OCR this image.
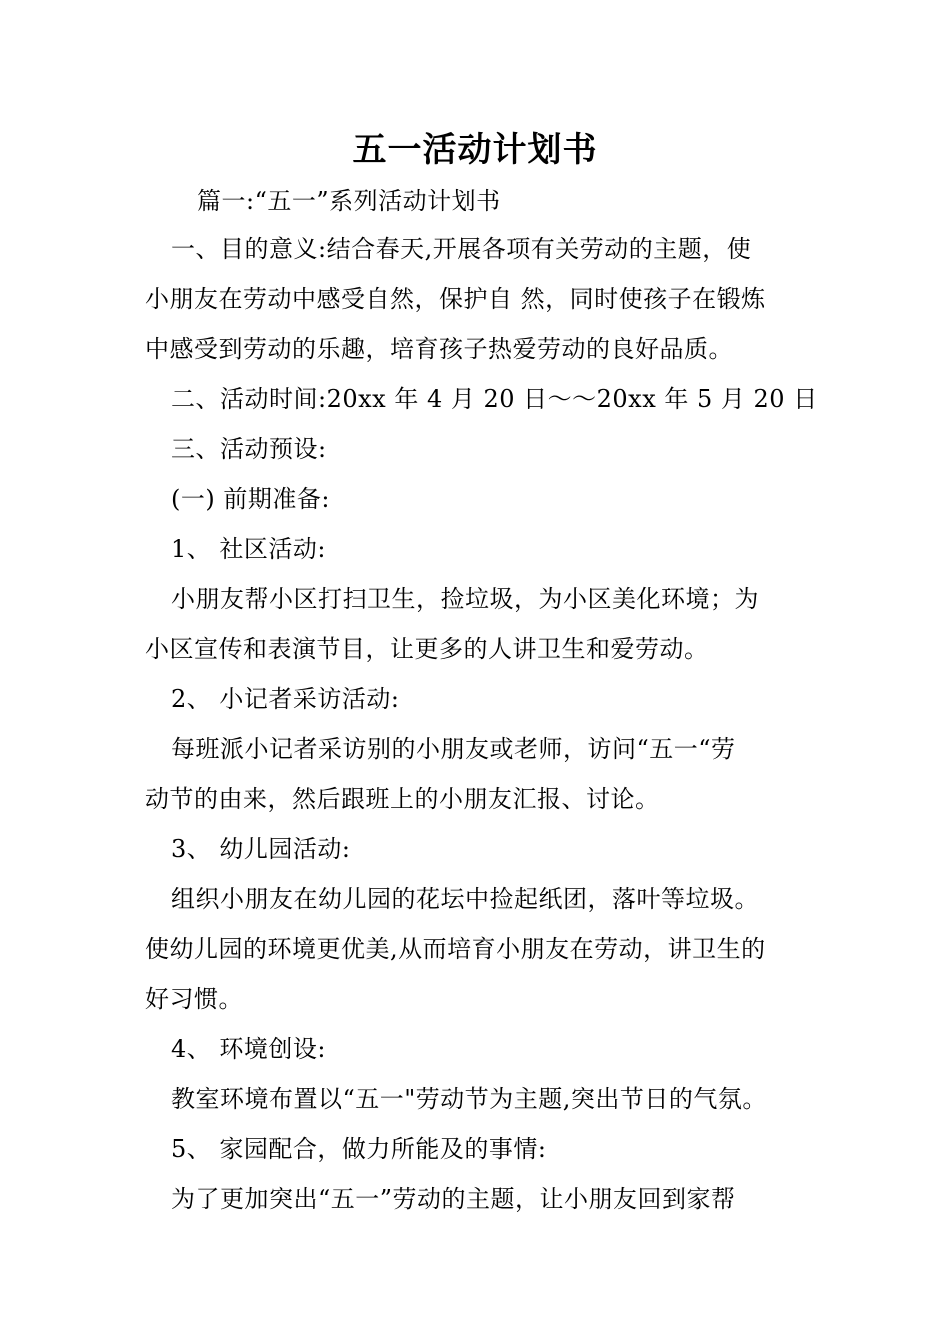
五一活动计划书

篇一:“五一”系列活动计划书

一、目的意义:结合春天,开展各项有关劳动的主题，使

小朋友在劳动中感受自然，保护自 然，同时使孩子在锻炼

中感受到劳动的乐趣，培育孩子热爱劳动的良好品质。

二、活动时间:20xx 年 4 月 20 日～～20xx 年 5 月 20 日

三、活动预设:

(一) 前期准备:

1、 社区活动:

小朋友帮小区打扫卫生，捡垃圾，为小区美化环境；为

小区宣传和表演节目，让更多的人讲卫生和爱劳动。

2、 小记者采访活动:

每班派小记者采访别的小朋友或老师，访问“五一“劳

动节的由来，然后跟班上的小朋友汇报、讨论。

3、 幼儿园活动:

组织小朋友在幼儿园的花坛中捡起纸团，落叶等垃圾。

使幼儿园的环境更优美,从而培育小朋友在劳动，讲卫生的

好习惯。

4、 环境创设:

教室环境布置以“五一"劳动节为主题,突出节日的气氛。

5、 家园配合，做力所能及的事情:

为了更加突出“五一”劳动的主题，让小朋友回到家帮
